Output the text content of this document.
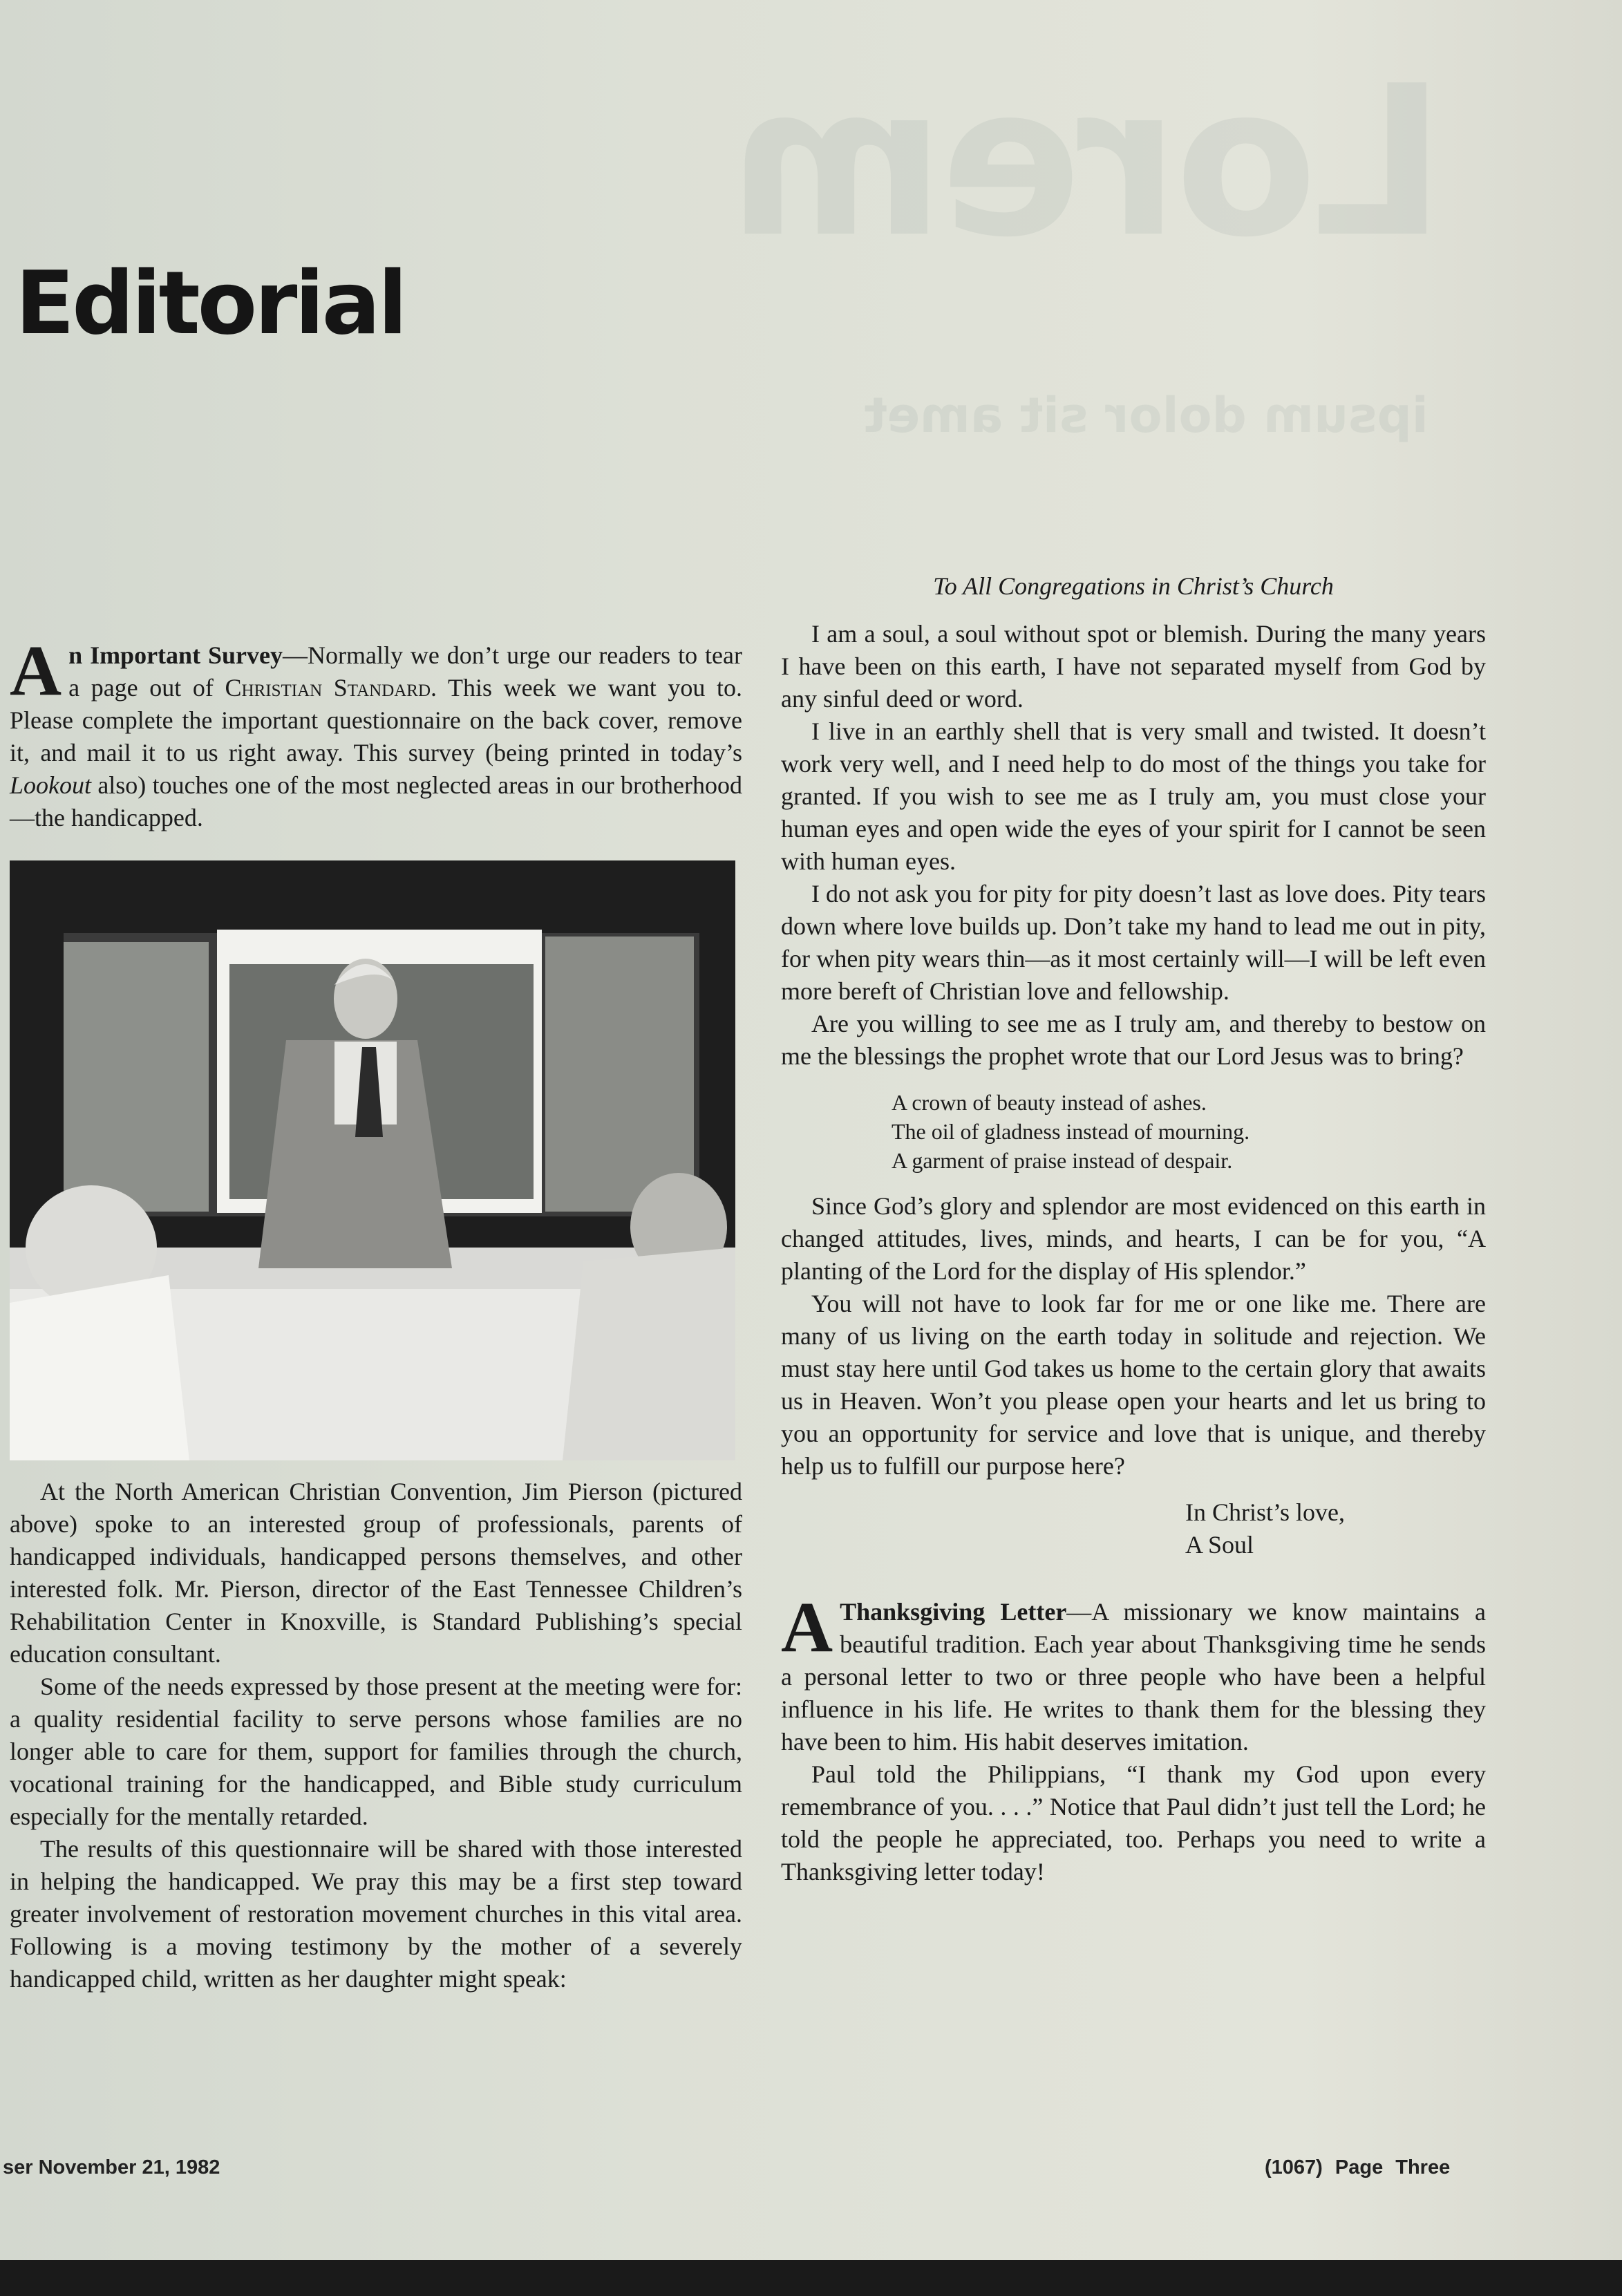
Lorem
ipsum dolor sit amet
Editorial

An Important Survey—Normally we don’t urge our readers to tear a page out of Christian Standard. This week we want you to. Please complete the important questionnaire on the back cover, remove it, and mail it to us right away. This survey (being printed in today’s Lookout also) touches one of the most neglected areas in our brotherhood—the handicapped.

At the North American Christian Convention, Jim Pierson (pictured above) spoke to an interested group of professionals, parents of handicapped individuals, handicapped persons themselves, and other interested folk. Mr. Pierson, director of the East Tennessee Children’s Rehabilitation Center in Knoxville, is Standard Publishing’s special education consultant.

Some of the needs expressed by those present at the meeting were for: a quality residential facility to serve persons whose families are no longer able to care for them, support for families through the church, vocational training for the handicapped, and Bible study curriculum especially for the mentally retarded.

The results of this questionnaire will be shared with those interested in helping the handicapped. We pray this may be a first step toward greater involvement of restoration movement churches in this vital area. Following is a moving testimony by the mother of a severely handicapped child, written as her daughter might speak:

To All Congregations in Christ’s Church

I am a soul, a soul without spot or blemish. During the many years I have been on this earth, I have not separated myself from God by any sinful deed or word.

I live in an earthly shell that is very small and twisted. It doesn’t work very well, and I need help to do most of the things you take for granted. If you wish to see me as I truly am, you must close your human eyes and open wide the eyes of your spirit for I cannot be seen with human eyes.

I do not ask you for pity for pity doesn’t last as love does. Pity tears down where love builds up. Don’t take my hand to lead me out in pity, for when pity wears thin—as it most certainly will—I will be left even more bereft of Christian love and fellowship.

Are you willing to see me as I truly am, and thereby to bestow on me the blessings the prophet wrote that our Lord Jesus was to bring?

A crown of beauty instead of ashes.
The oil of gladness instead of mourning.
A garment of praise instead of despair.

Since God’s glory and splendor are most evidenced on this earth in changed attitudes, lives, minds, and hearts, I can be for you, “A planting of the Lord for the display of His splendor.”

You will not have to look far for me or one like me. There are many of us living on the earth today in solitude and rejection. We must stay here until God takes us home to the certain glory that awaits us in Heaven. Won’t you please open your hearts and let us bring to you an opportunity for service and love that is unique, and thereby help us to fulfill our purpose here?

In Christ’s love,
A Soul

A Thanksgiving Letter—A missionary we know maintains a beautiful tradition. Each year about Thanksgiving time he sends a personal letter to two or three people who have been a helpful influence in his life. He writes to thank them for the blessing they have been to him. His habit deserves imitation.

Paul told the Philippians, “I thank my God upon every remembrance of you. . . .” Notice that Paul didn’t just tell the Lord; he told the people he appreciated, too. Perhaps you need to write a Thanksgiving letter today!

ser November 21, 1982	(1067) Page Three
